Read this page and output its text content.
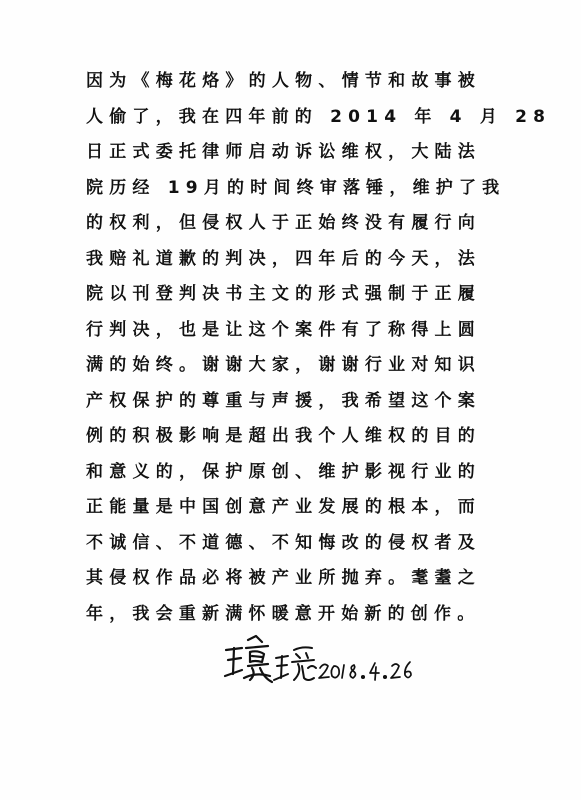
因为《梅花烙》的人物、情节和故事被
人偷了，我在四年前的 2014 年 4 月 28
日正式委托律师启动诉讼维权，大陆法
院历经 19月的时间终审落锤，维护了我
的权利，但侵权人于正始终没有履行向
我赔礼道歉的判决，四年后的今天，法
院以刊登判决书主文的形式强制于正履
行判决，也是让这个案件有了称得上圆
满的始终。谢谢大家，谢谢行业对知识
产权保护的尊重与声援，我希望这个案
例的积极影响是超出我个人维权的目的
和意义的，保护原创、维护影视行业的
正能量是中国创意产业发展的根本，而
不诚信、不道德、不知悔改的侵权者及
其侵权作品必将被产业所抛弃。耄耋之
年，我会重新满怀暖意开始新的创作。
